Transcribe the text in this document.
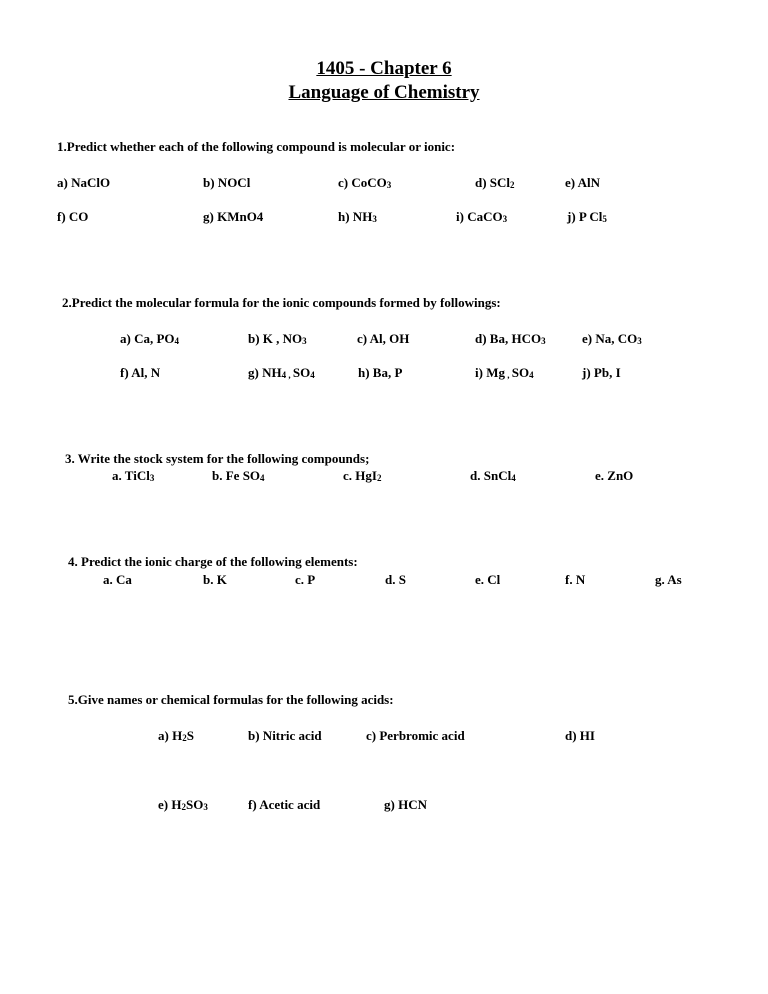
1405 - Chapter 6
Language of Chemistry
1.Predict whether each of the following compound is molecular or ionic:
a) NaClO	b) NOCl	c) CoCO3	d) SCl2	e) AlN
f) CO	g) KMnO4	h) NH3	i) CaCO3	j) P Cl5
2.Predict the molecular formula for the ionic compounds formed by followings:
a) Ca, PO4	b) K , NO3	c) Al, OH	d) Ba, HCO3	e) Na, CO3
f) Al, N	g) NH4 , SO4	h) Ba, P	i) Mg , SO4	j) Pb, I
3. Write the stock system for the following compounds;
a. TiCl3	b. Fe SO4	c. HgI2	d. SnCl4	e. ZnO
4. Predict the ionic charge of the following elements:
a. Ca	b. K	c. P	d. S	e. Cl	f. N	g. As
5.Give names or chemical formulas for the following acids:
a) H2S	b) Nitric acid	c) Perbromic acid	d) HI
e) H2SO3	f) Acetic acid	g) HCN
